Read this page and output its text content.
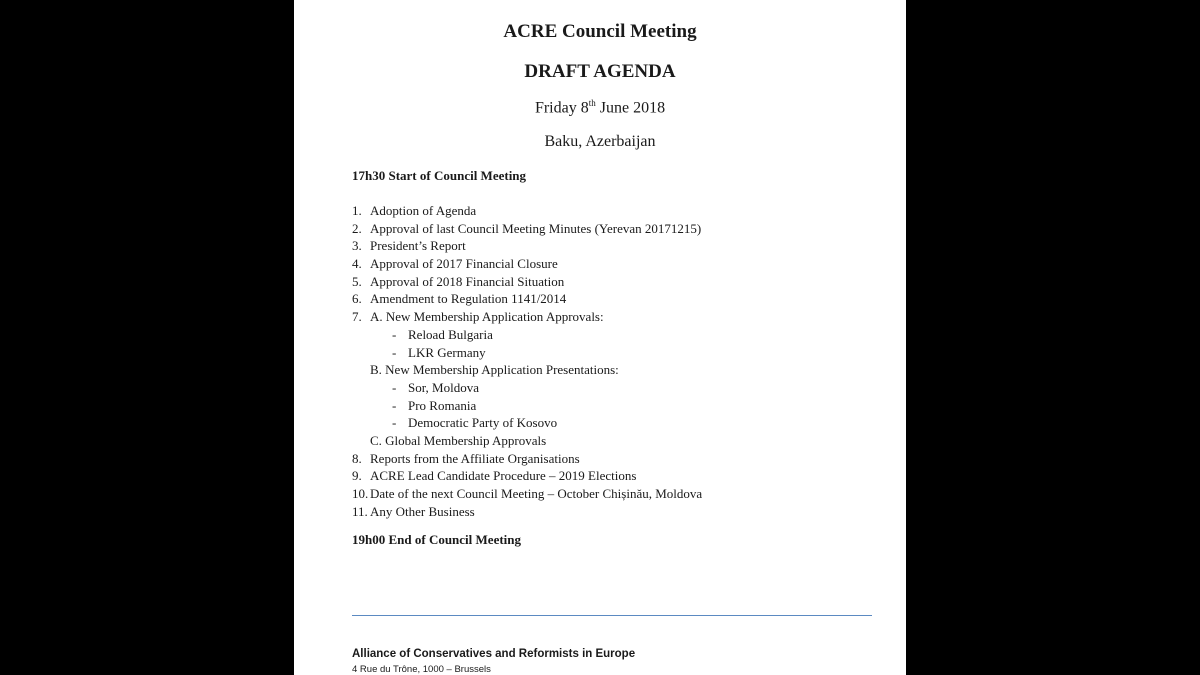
ACRE Council Meeting
DRAFT AGENDA
Friday 8th June 2018
Baku, Azerbaijan
17h30 Start of Council Meeting
1. Adoption of Agenda
2. Approval of last Council Meeting Minutes (Yerevan 20171215)
3. President’s Report
4. Approval of 2017 Financial Closure
5. Approval of 2018 Financial Situation
6. Amendment to Regulation 1141/2014
7. A. New Membership Application Approvals:
- Reload Bulgaria
- LKR Germany
B. New Membership Application Presentations:
- Sor, Moldova
- Pro Romania
- Democratic Party of Kosovo
C. Global Membership Approvals
8. Reports from the Affiliate Organisations
9. ACRE Lead Candidate Procedure – 2019 Elections
10. Date of the next Council Meeting – October Chișinău, Moldova
11. Any Other Business
19h00 End of Council Meeting
Alliance of Conservatives and Reformists in Europe
4 Rue du Trône, 1000 – Brussels
